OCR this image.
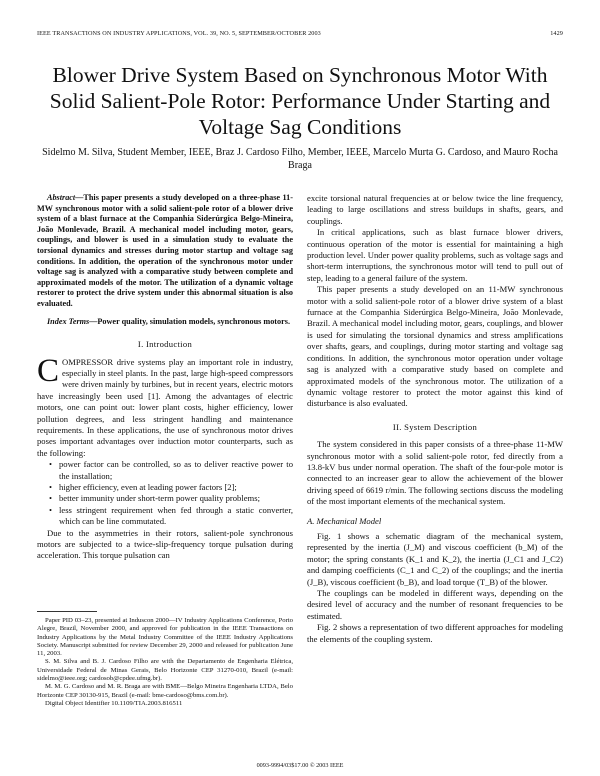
IEEE TRANSACTIONS ON INDUSTRY APPLICATIONS, VOL. 39, NO. 5, SEPTEMBER/OCTOBER 2003	1429
Blower Drive System Based on Synchronous Motor With Solid Salient-Pole Rotor: Performance Under Starting and Voltage Sag Conditions
Sidelmo M. Silva, Student Member, IEEE, Braz J. Cardoso Filho, Member, IEEE, Marcelo Murta G. Cardoso, and Mauro Rocha Braga

Abstract—This paper presents a study developed on a three-phase 11-MW synchronous motor with a solid salient-pole rotor of a blower drive system of a blast furnace at the Companhia Siderúrgica Belgo-Mineira, João Monlevade, Brazil. A mechanical model including motor, gears, couplings, and blower is used in a simulation study to evaluate the torsional dynamics and stresses during motor startup and voltage sag conditions. In addition, the operation of the synchronous motor under voltage sag is analyzed with a comparative study between complete and approximated models of the motor. The utilization of a dynamic voltage restorer to protect the drive system under this abnormal situation is also evaluated.

Index Terms—Power quality, simulation models, synchronous motors.

I. Introduction

COMPRESSOR drive systems play an important role in industry, especially in steel plants. In the past, large high-speed compressors were driven mainly by turbines, but in recent years, electric motors have increasingly been used [1]. Among the advantages of electric motors, one can point out: lower plant costs, higher efficiency, lower pollution degrees, and less stringent handling and maintenance requirements. In these applications, the use of synchronous motor drives poses important advantages over induction motor counterparts, such as the following:

• power factor can be controlled, so as to deliver reactive power to the installation;
• higher efficiency, even at leading power factors [2];
• better immunity under short-term power quality problems;
• less stringent requirement when fed through a static converter, which can be line commutated.

Due to the asymmetries in their rotors, salient-pole synchronous motors are subjected to a twice-slip-frequency torque pulsation during acceleration. This torque pulsation can

Paper PID 03–23, presented at Induscon 2000—IV Industry Applications Conference, Porto Alegre, Brazil, November 2000, and approved for publication in the IEEE Transactions on Industry Applications by the Metal Industry Committee of the IEEE Industry Applications Society. Manuscript submitted for review December 29, 2000 and released for publication June 11, 2003.

S. M. Silva and B. J. Cardoso Filho are with the Departamento de Engenharia Elétrica, Universidade Federal de Minas Gerais, Belo Horizonte CEP 31270-010, Brazil (e-mail: sidelmo@ieee.org; cardosob@cpdee.ufmg.br).

M. M. G. Cardoso and M. R. Braga are with BME—Belgo Mineira Engenharia LTDA, Belo Horizonte CEP 30130-915, Brazil (e-mail: bme-cardoso@bms.com.br).

Digital Object Identifier 10.1109/TIA.2003.816511

excite torsional natural frequencies at or below twice the line frequency, leading to large oscillations and stress buildups in shafts, gears, and couplings.

In critical applications, such as blast furnace blower drivers, continuous operation of the motor is essential for maintaining a high production level. Under power quality problems, such as voltage sags and short-term interruptions, the synchronous motor will tend to pull out of step, leading to a general failure of the system.

This paper presents a study developed on an 11-MW synchronous motor with a solid salient-pole rotor of a blower drive system of a blast furnace at the Companhia Siderúrgica Belgo-Mineira, João Monlevade, Brazil. A mechanical model including motor, gears, couplings, and blower is used for simulating the torsional dynamics and stress amplifications over shafts, gears, and couplings, during motor starting and voltage sag conditions. In addition, the synchronous motor operation under voltage sag is analyzed with a comparative study based on complete and approximated models of the synchronous motor. The utilization of a dynamic voltage restorer to protect the motor against this kind of disturbance is also evaluated.

II. System Description

The system considered in this paper consists of a three-phase 11-MW synchronous motor with a solid salient-pole rotor, fed directly from a 13.8-kV bus under normal operation. The shaft of the four-pole motor is connected to an increaser gear to allow the achievement of the blower driving speed of 6619 r/min. The following sections discuss the modeling of the most important elements of the mechanical system.

A. Mechanical Model

Fig. 1 shows a schematic diagram of the mechanical system, represented by the inertia (J_M) and viscous coefficient (b_M) of the motor; the spring constants (K_1 and K_2), the inertia (J_C1 and J_C2) and damping coefficients (C_1 and C_2) of the couplings; and the inertia (J_B), viscous coefficient (b_B), and load torque (T_B) of the blower.

The couplings can be modeled in different ways, depending on the desired level of accuracy and the number of resonant frequencies to be estimated.

Fig. 2 shows a representation of two different approaches for modeling the elements of the coupling system.

0093-9994/03$17.00 © 2003 IEEE
